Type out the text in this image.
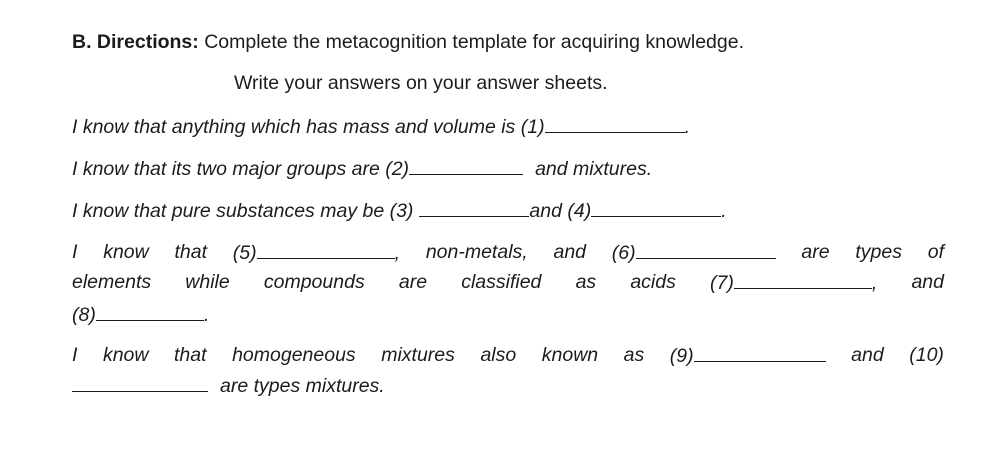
B. Directions: Complete the metacognition template for acquiring knowledge.
Write your answers on your answer sheets.
I know that anything which has mass and volume is (1)	.
I know that its two major groups are (2)	and mixtures.
I know that pure substances may be (3)	and (4)	.
I know that (5)	, non-metals, and (6)	are types of
elements while compounds are classified as acids (7)	, and
(8)	.
I know that homogeneous mixtures also known as (9)	and (10)
are types mixtures.
